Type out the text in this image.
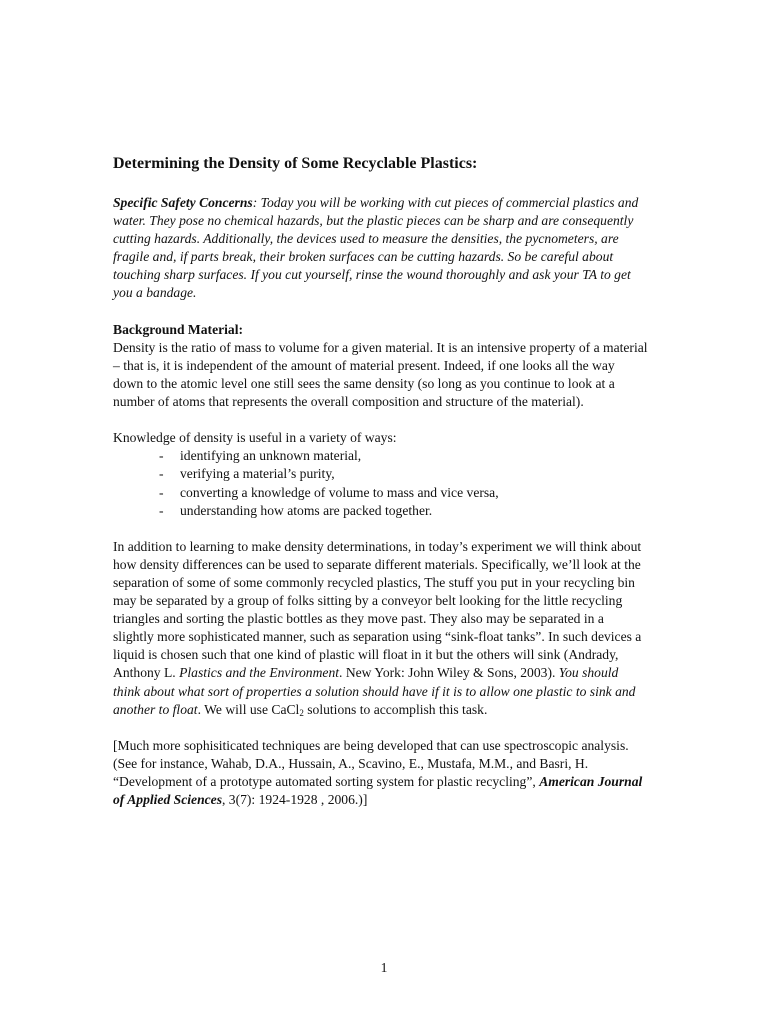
Determining the Density of Some Recyclable Plastics:

Specific Safety Concerns: Today you will be working with cut pieces of commercial plastics and water. They pose no chemical hazards, but the plastic pieces can be sharp and are consequently cutting hazards. Additionally, the devices used to measure the densities, the pycnometers, are fragile and, if parts break, their broken surfaces can be cutting hazards. So be careful about touching sharp surfaces. If you cut yourself, rinse the wound thoroughly and ask your TA to get you a bandage.

Background Material:

Density is the ratio of mass to volume for a given material. It is an intensive property of a material – that is, it is independent of the amount of material present. Indeed, if one looks all the way down to the atomic level one still sees the same density (so long as you continue to look at a number of atoms that represents the overall composition and structure of the material).

Knowledge of density is useful in a variety of ways:

- identifying an unknown material,
- verifying a material’s purity,
- converting a knowledge of volume to mass and vice versa,
- understanding how atoms are packed together.

In addition to learning to make density determinations, in today’s experiment we will think about how density differences can be used to separate different materials. Specifically, we’ll look at the separation of some of some commonly recycled plastics, The stuff you put in your recycling bin may be separated by a group of folks sitting by a conveyor belt looking for the little recycling triangles and sorting the plastic bottles as they move past. They also may be separated in a slightly more sophisticated manner, such as separation using “sink-float tanks”. In such devices a liquid is chosen such that one kind of plastic will float in it but the others will sink (Andrady, Anthony L. Plastics and the Environment. New York: John Wiley & Sons, 2003). You should think about what sort of properties a solution should have if it is to allow one plastic to sink and another to float. We will use CaCl$_2$ solutions to accomplish this task.

[Much more sophisiticated techniques are being developed that can use spectroscopic analysis. (See for instance, Wahab, D.A., Hussain, A., Scavino, E., Mustafa, M.M., and Basri, H. “Development of a prototype automated sorting system for plastic recycling”, American Journal of Applied Sciences, 3(7): 1924-1928 , 2006.)]

1
